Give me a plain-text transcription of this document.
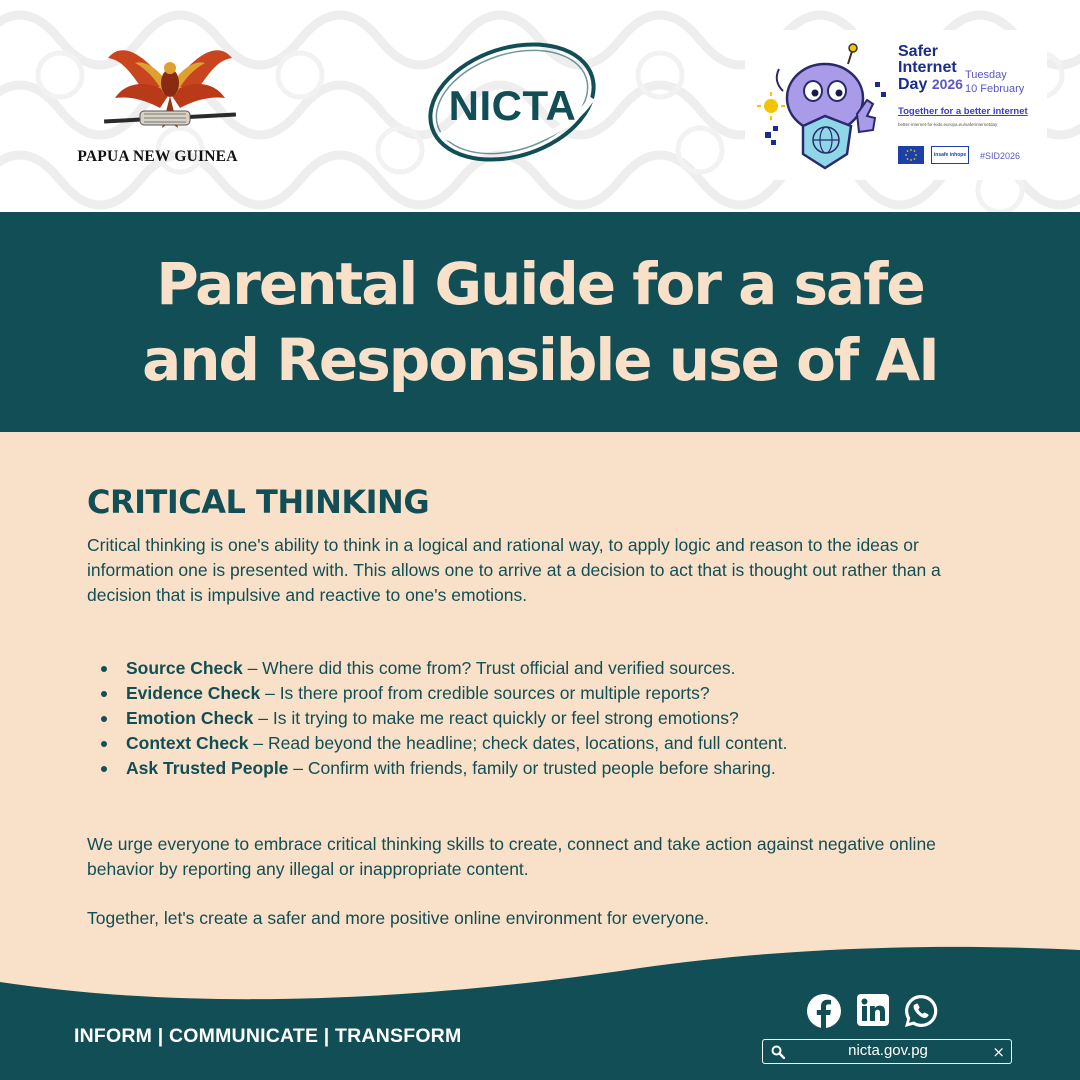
PAPUA NEW GUINEA
NICTA
Safer
Internet
Day 2026
Tuesday
10 February
Together for a better internet
better-internet-for-kids.europa.eu/saferinternetday
insafe inhope	#SID2026
Parental Guide for a safe
and Responsible use of AI
CRITICAL THINKING

Critical thinking is one's ability to think in a logical and rational way, to apply logic and reason to the ideas or information one is presented with. This allows one to arrive at a decision to act that is thought out rather than a decision that is impulsive and reactive to one's emotions.

Source Check – Where did this come from? Trust official and verified sources.
Evidence Check – Is there proof from credible sources or multiple reports?
Emotion Check – Is it trying to make me react quickly or feel strong emotions?
Context Check – Read beyond the headline; check dates, locations, and full content.
Ask Trusted People – Confirm with friends, family or trusted people before sharing.

We urge everyone to embrace critical thinking skills to create, connect and take action against negative online behavior by reporting any illegal or inappropriate content.

Together, let's create a safer and more positive online environment for everyone.

INFORM | COMMUNICATE | TRANSFORM
nicta.gov.pg	×
